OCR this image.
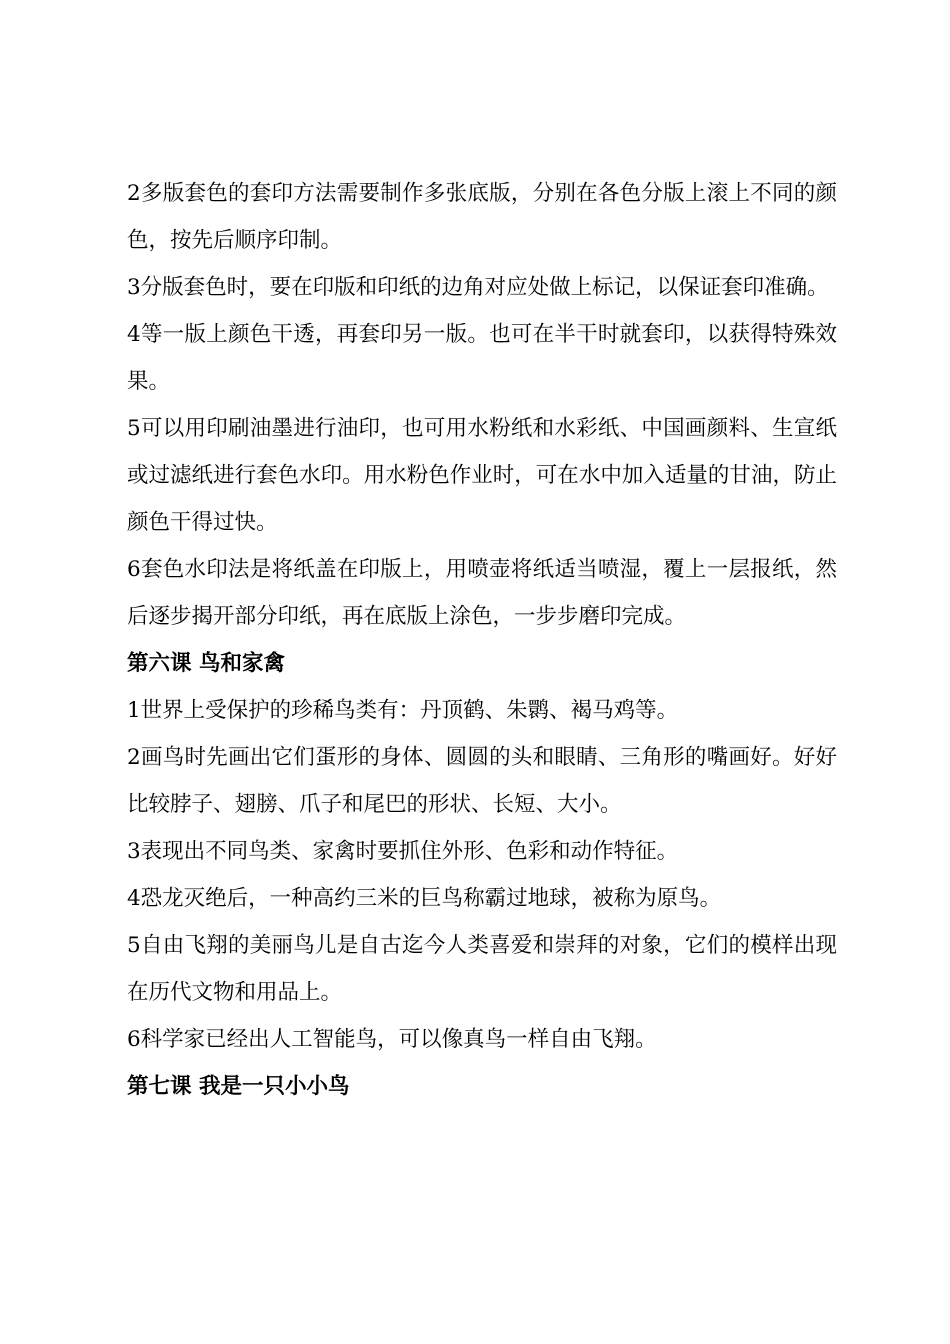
2多版套色的套印方法需要制作多张底版，分别在各色分版上滚上不同的颜色，按先后顺序印制。

3分版套色时，要在印版和印纸的边角对应处做上标记，以保证套印准确。

4等一版上颜色干透，再套印另一版。也可在半干时就套印，以获得特殊效果。

5可以用印刷油墨进行油印，也可用水粉纸和水彩纸、中国画颜料、生宣纸或过滤纸进行套色水印。用水粉色作业时，可在水中加入适量的甘油，防止颜色干得过快。

6套色水印法是将纸盖在印版上，用喷壶将纸适当喷湿，覆上一层报纸，然后逐步揭开部分印纸，再在底版上涂色，一步步磨印完成。

第六课 鸟和家禽

1世界上受保护的珍稀鸟类有：丹顶鹤、朱鹮、褐马鸡等。

2画鸟时先画出它们蛋形的身体、圆圆的头和眼睛、三角形的嘴画好。好好比较脖子、翅膀、爪子和尾巴的形状、长短、大小。

3表现出不同鸟类、家禽时要抓住外形、色彩和动作特征。

4恐龙灭绝后，一种高约三米的巨鸟称霸过地球，被称为原鸟。

5自由飞翔的美丽鸟儿是自古迄今人类喜爱和崇拜的对象，它们的模样出现在历代文物和用品上。

6科学家已经出人工智能鸟，可以像真鸟一样自由飞翔。

第七课 我是一只小小鸟
